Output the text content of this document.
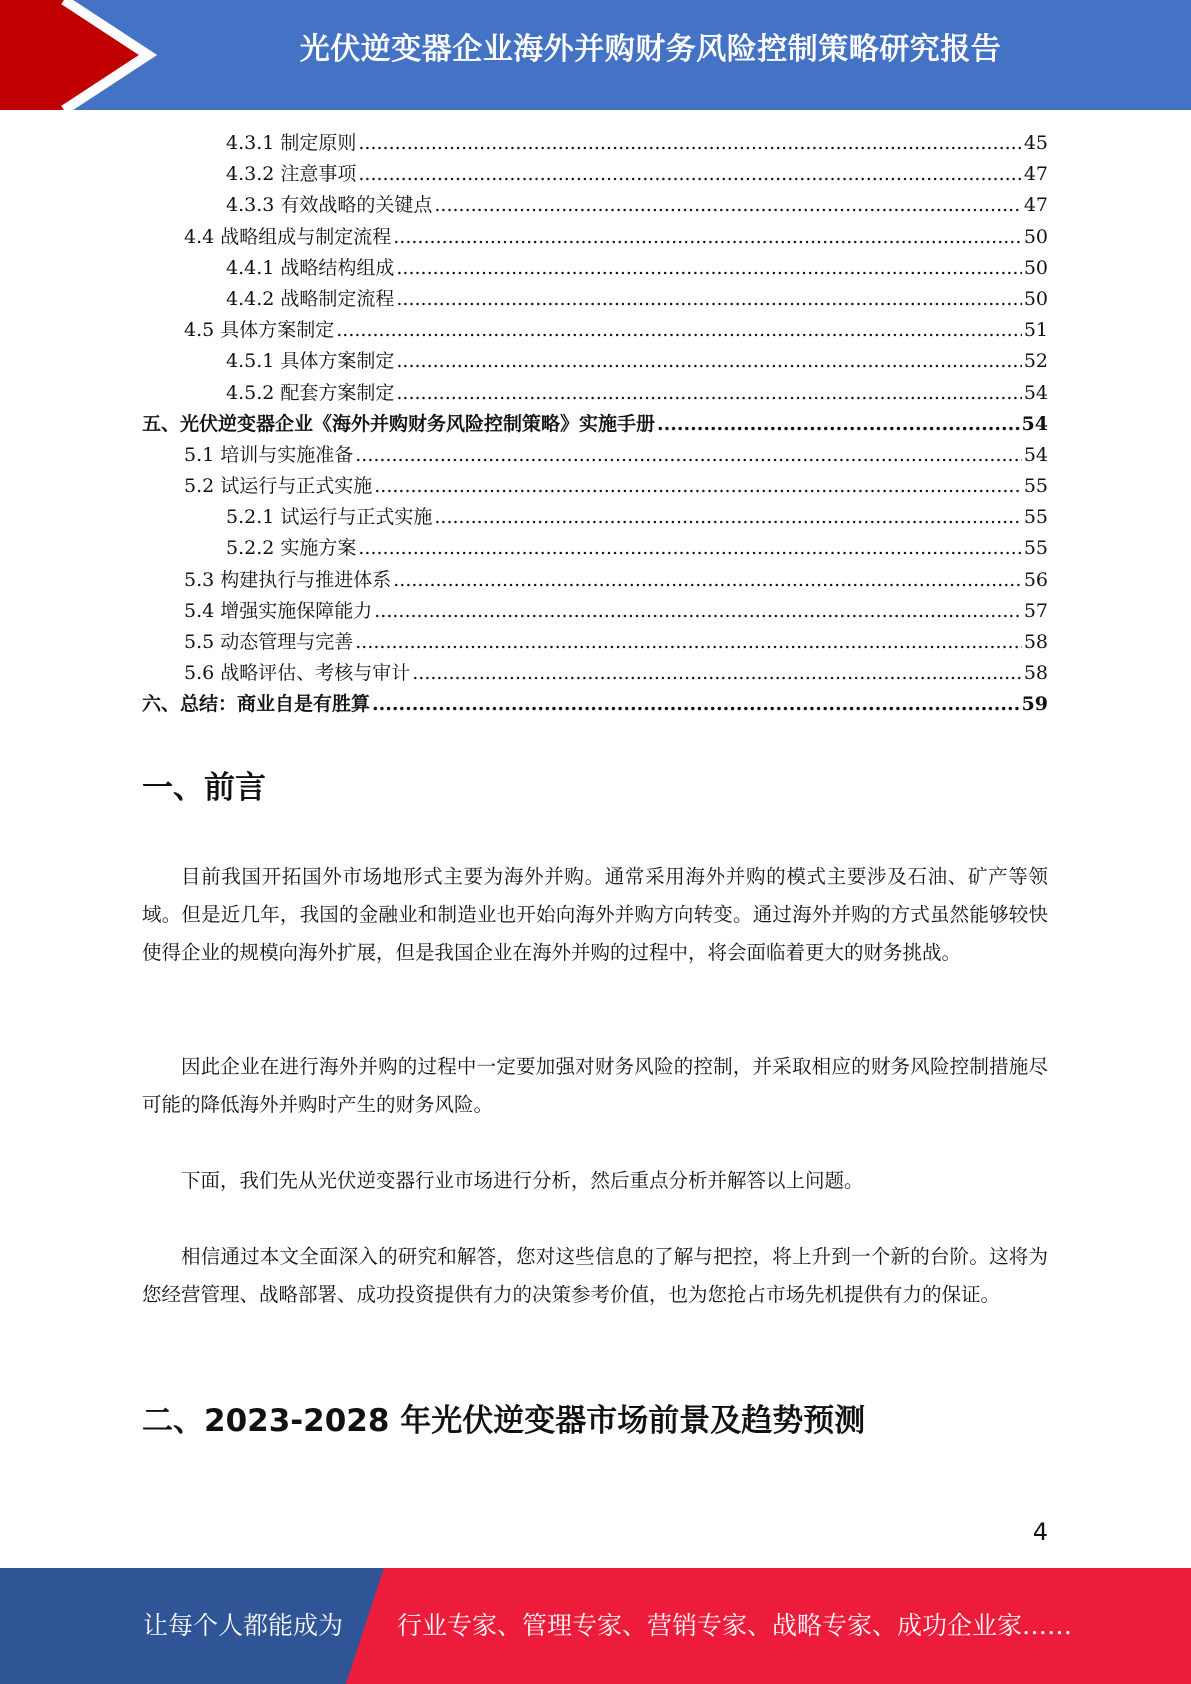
光伏逆变器企业海外并购财务风险控制策略研究报告
4.3.1 制定原则 .....	45
4.3.2 注意事项 .....	47
4.3.3 有效战略的关键点 .....	47
4.4 战略组成与制定流程 .....	50
4.4.1 战略结构组成 .....	50
4.4.2 战略制定流程 .....	50
4.5 具体方案制定 .....	51
4.5.1 具体方案制定 .....	52
4.5.2 配套方案制定 .....	54
五、光伏逆变器企业《海外并购财务风险控制策略》实施手册 .....	54
5.1 培训与实施准备 .....	54
5.2 试运行与正式实施 .....	55
5.2.1 试运行与正式实施 .....	55
5.2.2 实施方案 .....	55
5.3 构建执行与推进体系 .....	56
5.4 增强实施保障能力 .....	57
5.5 动态管理与完善 .....	58
5.6 战略评估、考核与审计 .....	58
六、总结：商业自是有胜算 .....	59
一、前言

目前我国开拓国外市场地形式主要为海外并购。通常采用海外并购的模式主要涉及石油、矿产等领域。但是近几年，我国的金融业和制造业也开始向海外并购方向转变。通过海外并购的方式虽然能够较快使得企业的规模向海外扩展，但是我国企业在海外并购的过程中，将会面临着更大的财务挑战。

因此企业在进行海外并购的过程中一定要加强对财务风险的控制，并采取相应的财务风险控制措施尽可能的降低海外并购时产生的财务风险。

下面，我们先从光伏逆变器行业市场进行分析，然后重点分析并解答以上问题。

相信通过本文全面深入的研究和解答，您对这些信息的了解与把控，将上升到一个新的台阶。这将为您经营管理、战略部署、成功投资提供有力的决策参考价值，也为您抢占市场先机提供有力的保证。

二、2023-2028 年光伏逆变器市场前景及趋势预测
4
让每个人都能成为 行业专家、管理专家、营销专家、战略专家、成功企业家……
